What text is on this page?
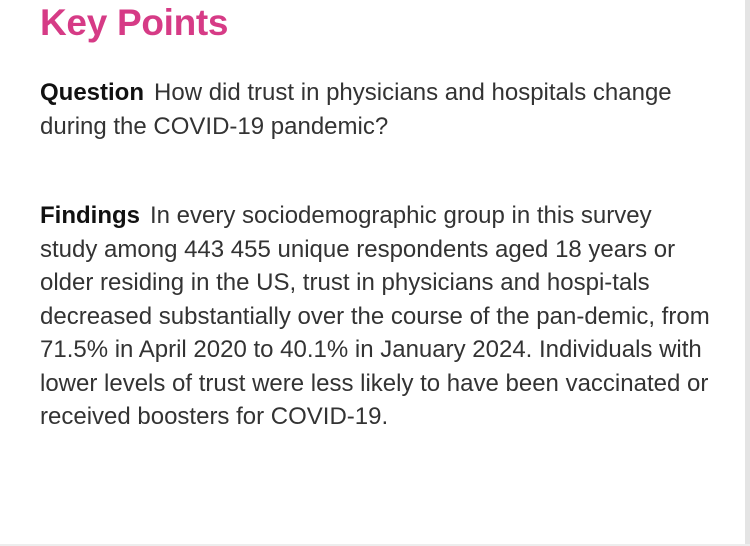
Key Points

Question How did trust in physicians and hospitals change during the COVID-19 pandemic?

Findings In every sociodemographic group in this survey study among 443 455 unique respondents aged 18 years or older residing in the US, trust in physicians and hospi-tals decreased substantially over the course of the pan-demic, from 71.5% in April 2020 to 40.1% in January 2024. Individuals with lower levels of trust were less likely to have been vaccinated or received boosters for COVID-19.
